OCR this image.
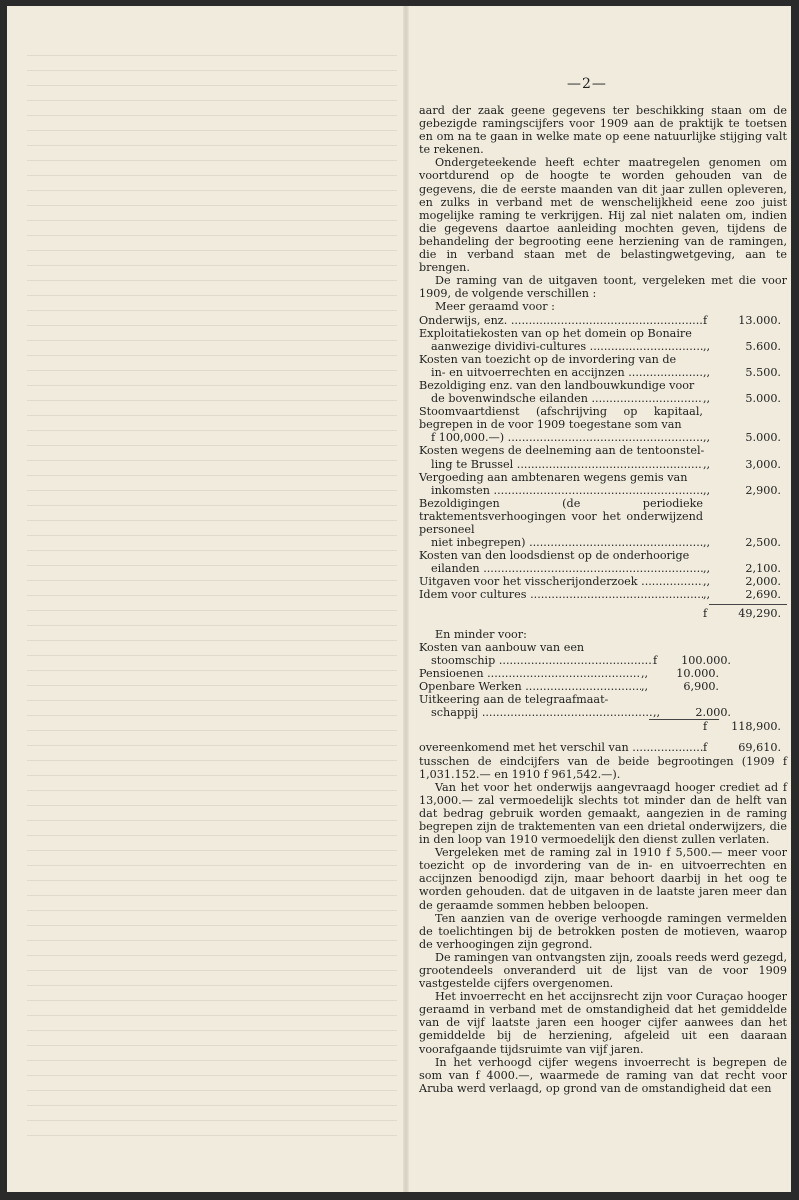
—2—

aard der zaak geene gegevens ter beschikking staan om de gebezigde ramingscijfers voor 1909 aan de praktijk te toetsen en om na te gaan in welke mate op eene natuurlijke stijging valt te rekenen.

Ondergeteekende heeft echter maatregelen genomen om voortdurend op de hoogte te worden gehouden van de gegevens, die de eerste maanden van dit jaar zullen opleveren, en zulks in verband met de wenschelijkheid eene zoo juist mogelijke raming te verkrijgen. Hij zal niet nalaten om, indien die gegevens daartoe aanleiding mochten geven, tijdens de behandeling der begrooting eene herziening van de ramingen, die in verband staan met de belastingwetgeving, aan te brengen.

De raming van de uitgaven toont, vergeleken met die voor 1909, de volgende verschillen :

Meer geraamd voor :

Onderwijs, enz. .....	f	13.000.
Exploitatiekosten van op het domein op Bonaire
aanwezige dividivi-cultures .....	,,	5.600.
Kosten van toezicht op de invordering van de
in- en uitvoerrechten en accijnzen .....	,,	5.500.
Bezoldiging enz. van den landbouwkundige voor
de bovenwindsche eilanden .....	,,	5.000.
Stoomvaartdienst (afschrijving op kapitaal, begrepen in de voor 1909 toegestane som van
f 100,000.—) .....	,,	5.000.
Kosten wegens de deelneming aan de tentoonstel-
ling te Brussel .....	,,	3,000.
Vergoeding aan ambtenaren wegens gemis van
inkomsten .....	,,	2,900.
Bezoldigingen (de periodieke traktementsverhoogingen voor het onderwijzend personeel
niet inbegrepen) .....	,,	2,500.
Kosten van den loodsdienst op de onderhoorige
eilanden .....	,,	2,100.
Uitgaven voor het visscherijonderzoek .....	,,	2,000.
Idem voor cultures .....	,,	2,690.
f	49,290.

En minder voor:

Kosten van aanbouw van een
stoomschip .....	f	100.000.
Pensioenen .....	,,	10.000.
Openbare Werken .....	,,	6,900.
Uitkeering aan de telegraafmaat-
schappij .....	,,	2.000.
f	118,900.
overeenkomend met het verschil van .....	f	69,610.

tusschen de eindcijfers van de beide begrootingen (1909 f 1,031.152.— en 1910 f 961,542.—).

Van het voor het onderwijs aangevraagd hooger crediet ad f 13,000.— zal vermoedelijk slechts tot minder dan de helft van dat bedrag gebruik worden gemaakt, aangezien in de raming begrepen zijn de traktementen van een drietal onderwijzers, die in den loop van 1910 vermoedelijk den dienst zullen verlaten.

Vergeleken met de raming zal in 1910 f 5,500.— meer voor toezicht op de invordering van de in- en uitvoerrechten en accijnzen benoodigd zijn, maar behoort daarbij in het oog te worden gehouden. dat de uitgaven in de laatste jaren meer dan de geraamde sommen hebben beloopen.

Ten aanzien van de overige verhoogde ramingen vermelden de toelichtingen bij de betrokken posten de motieven, waarop de verhoogingen zijn gegrond.

De ramingen van ontvangsten zijn, zooals reeds werd gezegd, grootendeels onveranderd uit de lijst van de voor 1909 vastgestelde cijfers overgenomen.

Het invoerrecht en het accijnsrecht zijn voor Curaçao hooger geraamd in verband met de omstandigheid dat het gemiddelde van de vijf laatste jaren een hooger cijfer aanwees dan het gemiddelde bij de herziening, afgeleid uit een daaraan voorafgaande tijdsruimte van vijf jaren.

In het verhoogd cijfer wegens invoerrecht is begrepen de som van f 4000.—, waarmede de raming van dat recht voor Aruba werd verlaagd, op grond van de omstandigheid dat een
